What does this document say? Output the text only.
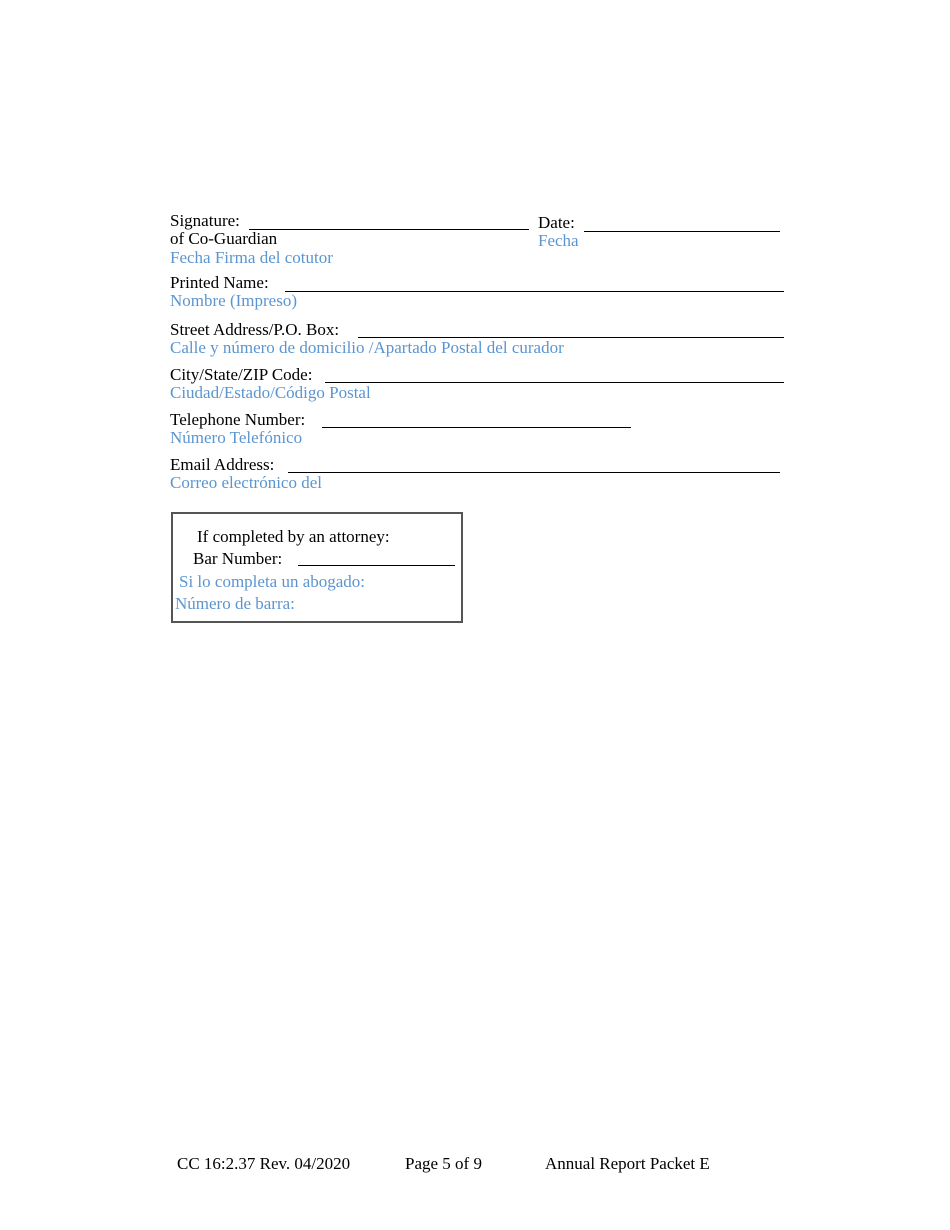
Signature:
of Co-Guardian
Fecha Firma del cotutor
Date:
Fecha
Printed Name:
Nombre (Impreso)
Street Address/P.O. Box:
Calle y número de domicilio /Apartado Postal del curador
City/State/ZIP Code:
Ciudad/Estado/Código Postal
Telephone Number:
Número Telefónico
Email Address:
Correo electrónico del
If completed by an attorney:
Bar Number:
Si lo completa un abogado:
Número de barra:
CC 16:2.37 Rev. 04/2020	Page 5 of 9	Annual Report Packet E
